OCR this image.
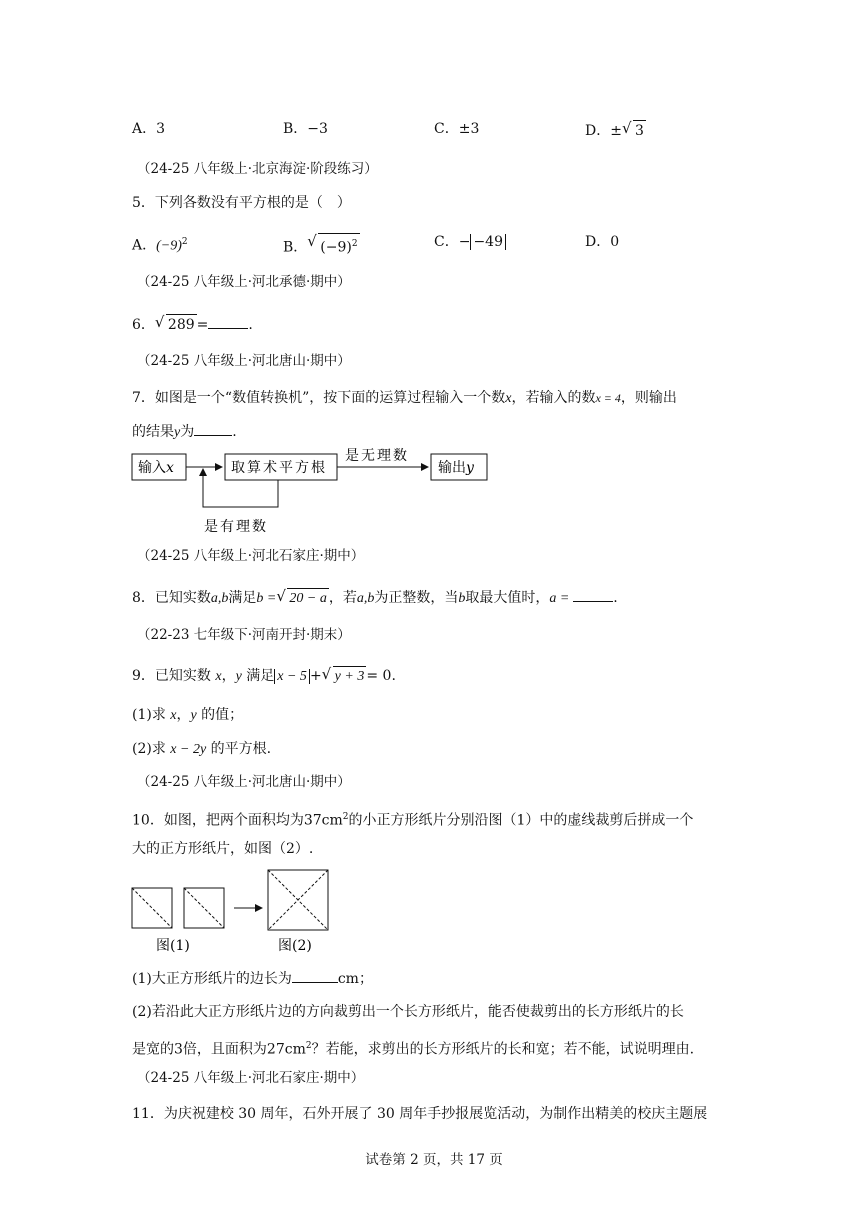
A．3	B．−3	C．±3	D．± √ 3
（24-25 八年级上·北京海淀·阶段练习）
5．下列各数没有平方根的是（　）
A．$(-9)^2$	B． √ $(-9)^2$	C．− −49	D．0
（24-25 八年级上·河北承德·期中）
6． √ 289 =	.
（24-25 八年级上·河北唐山·期中）
7．如图是一个“数值转换机”，按下面的运算过程输入一个数x，若输入的数x = 4，则输出
的结果y为	.
输入x	取算术平方根
是无理数
输出y
是有理数
（24-25 八年级上·河北石家庄·期中）
8．已知实数a,b满足b = √ 20 − a ，若a,b为正整数，当b取最大值时，a =	.
（22-23 七年级下·河南开封·期末）
9．已知实数 x，y 满足 x − 5 + √ y + 3 = 0.
(1)求 x，y 的值；
(2)求 x − 2y 的平方根.
（24-25 八年级上·河北唐山·期中）
10．如图，把两个面积均为$37cm^2$的小正方形纸片分别沿图（1）中的虚线裁剪后拼成一个
大的正方形纸片，如图（2）.
图(1)	图(2)
(1)大正方形纸片的边长为	cm；
(2)若沿此大正方形纸片边的方向裁剪出一个长方形纸片，能否使裁剪出的长方形纸片的长
是宽的3倍，且面积为$27cm^2$？若能，求剪出的长方形纸片的长和宽；若不能，试说明理由.
（24-25 八年级上·河北石家庄·期中）
11．为庆祝建校 30 周年，石外开展了 30 周年手抄报展览活动，为制作出精美的校庆主题展
试卷第 2 页，共 17 页
